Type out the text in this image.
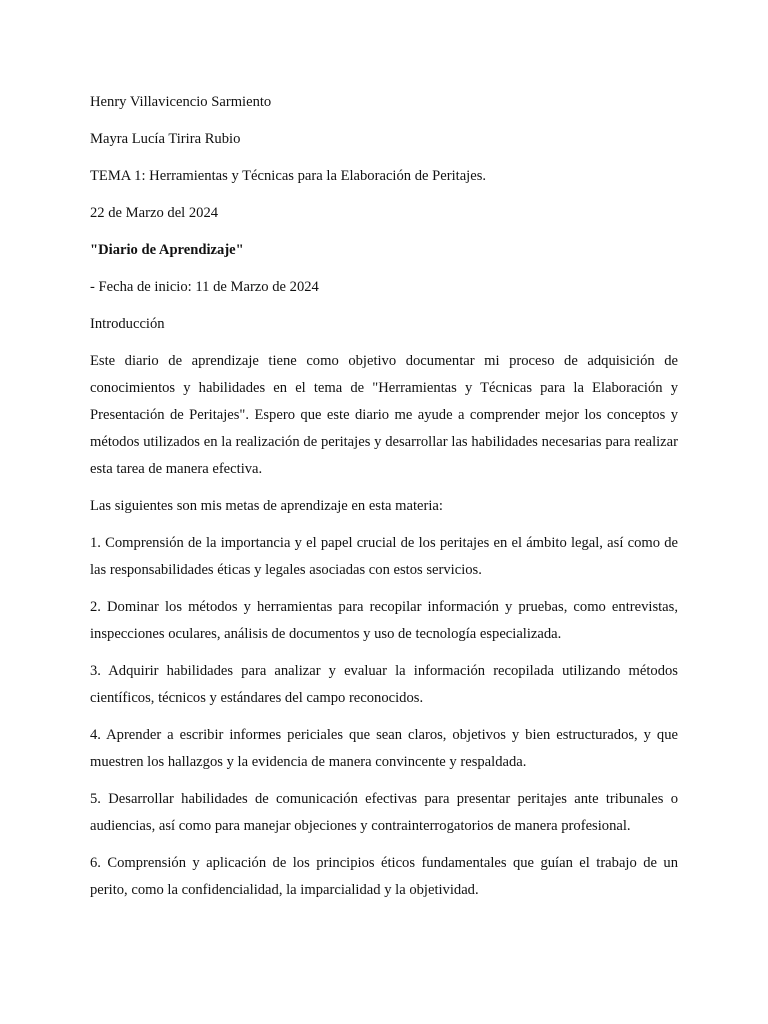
Henry Villavicencio Sarmiento

Mayra Lucía Tirira Rubio

TEMA 1: Herramientas y Técnicas para la Elaboración de Peritajes.

22 de Marzo del 2024

"Diario de Aprendizaje"

- Fecha de inicio: 11 de Marzo de 2024

Introducción

Este diario de aprendizaje tiene como objetivo documentar mi proceso de adquisición de conocimientos y habilidades en el tema de "Herramientas y Técnicas para la Elaboración y Presentación de Peritajes". Espero que este diario me ayude a comprender mejor los conceptos y métodos utilizados en la realización de peritajes y desarrollar las habilidades necesarias para realizar esta tarea de manera efectiva.

Las siguientes son mis metas de aprendizaje en esta materia:

1. Comprensión de la importancia y el papel crucial de los peritajes en el ámbito legal, así como de las responsabilidades éticas y legales asociadas con estos servicios.

2. Dominar los métodos y herramientas para recopilar información y pruebas, como entrevistas, inspecciones oculares, análisis de documentos y uso de tecnología especializada.

3. Adquirir habilidades para analizar y evaluar la información recopilada utilizando métodos científicos, técnicos y estándares del campo reconocidos.

4. Aprender a escribir informes periciales que sean claros, objetivos y bien estructurados, y que muestren los hallazgos y la evidencia de manera convincente y respaldada.

5. Desarrollar habilidades de comunicación efectivas para presentar peritajes ante tribunales o audiencias, así como para manejar objeciones y contrainterrogatorios de manera profesional.

6. Comprensión y aplicación de los principios éticos fundamentales que guían el trabajo de un perito, como la confidencialidad, la imparcialidad y la objetividad.
